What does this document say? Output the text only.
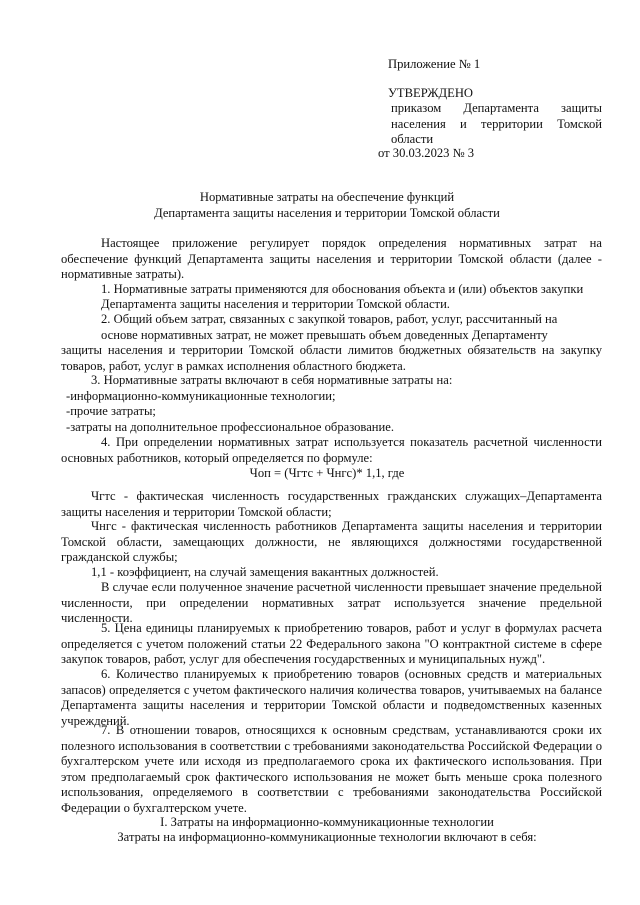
Приложение № 1

УТВЕРЖДЕНО

приказом Департамента защиты населения и территории Томской области

от 30.03.2023 № 3

Нормативные затраты на обеспечение функций
Департамента защиты населения и территории Томской области

Настоящее приложение регулирует порядок определения нормативных затрат на обеспечение функций Департамента защиты населения и территории Томской области (далее - нормативные затраты).

1. Нормативные затраты применяются для обоснования объекта и (или) объектов закупки

Департамента защиты населения и территории Томской области.

2. Общий объем затрат, связанных с закупкой товаров, работ, услуг, рассчитанный на

основе нормативных затрат, не может превышать объем доведенных Департаменту

защиты населения и территории Томской области лимитов бюджетных обязательств на закупку товаров, работ, услуг в рамках исполнения областного бюджета.

3. Нормативные затраты включают в себя нормативные затраты на:

-информационно-коммуникационные технологии;

-прочие затраты;

-затраты на дополнительное профессиональное образование.

4. При определении нормативных затрат используется показатель расчетной численности основных работников, который определяется по формуле:

Чоп = (Чгтс + Чнгс)* 1,1, где

Чгтс - фактическая численность государственных гражданских служащих–Департамента защиты населения и территории Томской области;

Чнгс - фактическая численность работников Департамента защиты населения и территории Томской области, замещающих должности, не являющихся должностями государственной гражданской службы;

1,1 - коэффициент, на случай замещения вакантных должностей.

В случае если полученное значение расчетной численности превышает значение предельной численности, при определении нормативных затрат используется значение предельной численности.

5. Цена единицы планируемых к приобретению товаров, работ и услуг в формулах расчета определяется с учетом положений статьи 22 Федерального закона "О контрактной системе в сфере закупок товаров, работ, услуг для обеспечения государственных и муниципальных нужд".

6. Количество планируемых к приобретению товаров (основных средств и материальных запасов) определяется с учетом фактического наличия количества товаров, учитываемых на балансе Департамента защиты населения и территории Томской области и подведомственных казенных учреждений.

7. В отношении товаров, относящихся к основным средствам, устанавливаются сроки их полезного использования в соответствии с требованиями законодательства Российской Федерации о бухгалтерском учете или исходя из предполагаемого срока их фактического использования. При этом предполагаемый срок фактического использования не может быть меньше срока полезного использования, определяемого в соответствии с требованиями законодательства Российской Федерации о бухгалтерском учете.

I. Затраты на информационно-коммуникационные технологии

Затраты на информационно-коммуникационные технологии включают в себя:
